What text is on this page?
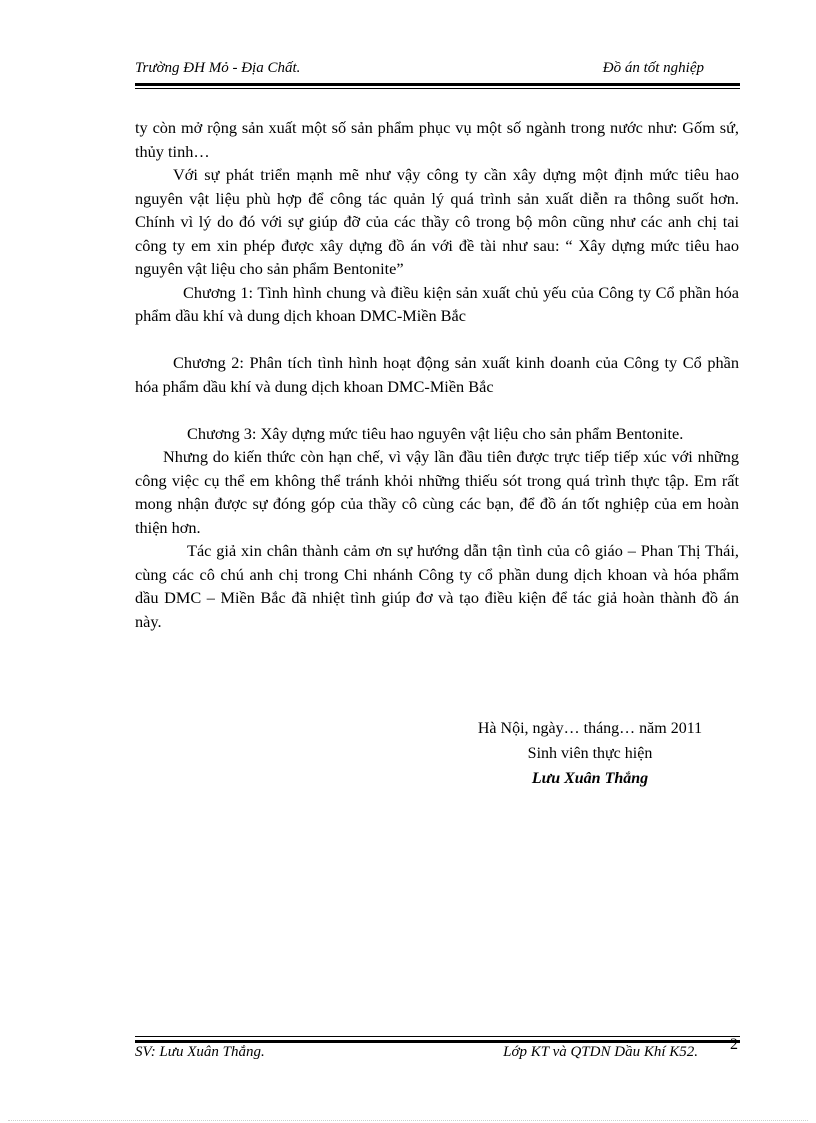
Trường ĐH Mỏ - Địa Chất.	Đồ án tốt nghiệp

ty còn mở rộng sản xuất một số sản phẩm phục vụ một số ngành trong nước như: Gốm sứ, thủy tinh…

Với sự phát triển mạnh mẽ như vậy công ty cần xây dựng một định mức tiêu hao nguyên vật liệu phù hợp để công tác quản lý quá trình sản xuất diễn ra thông suốt hơn. Chính vì lý do đó với sự giúp đỡ của các thầy cô trong bộ môn cũng như các anh chị tai công ty em xin phép được xây dựng đồ án với đề tài như sau: “ Xây dựng mức tiêu hao nguyên vật liệu cho sản phẩm Bentonite”

Chương 1: Tình hình chung và điều kiện sản xuất chủ yếu của Công ty Cổ phần hóa phẩm dầu khí và dung dịch khoan DMC-Miền Bắc

Chương 2: Phân tích tình hình hoạt động sản xuất kinh doanh của Công ty Cổ phần hóa phẩm dầu khí và dung dịch khoan DMC-Miền Bắc

Chương 3: Xây dựng mức tiêu hao nguyên vật liệu cho sản phẩm Bentonite.

Nhưng do kiến thức còn hạn chế, vì vậy lần đầu tiên được trực tiếp tiếp xúc với những công việc cụ thể em không thể tránh khỏi những thiếu sót trong quá trình thực tập. Em rất mong nhận được sự đóng góp của thầy cô cùng các bạn, để đồ án tốt nghiệp của em hoàn thiện hơn.

Tác giả xin chân thành cảm ơn sự hướng dẫn tận tình của cô giáo – Phan Thị Thái, cùng các cô chú anh chị trong Chi nhánh Công ty cổ phần dung dịch khoan và hóa phẩm dầu DMC – Miền Bắc đã nhiệt tình giúp đơ và tạo điều kiện để tác giả hoàn thành đồ án này.

Hà Nội, ngày… tháng… năm 2011
Sinh viên thực hiện
Lưu Xuân Thắng
SV: Lưu Xuân Thắng.	Lớp KT và QTDN Dầu Khí K52. 2
